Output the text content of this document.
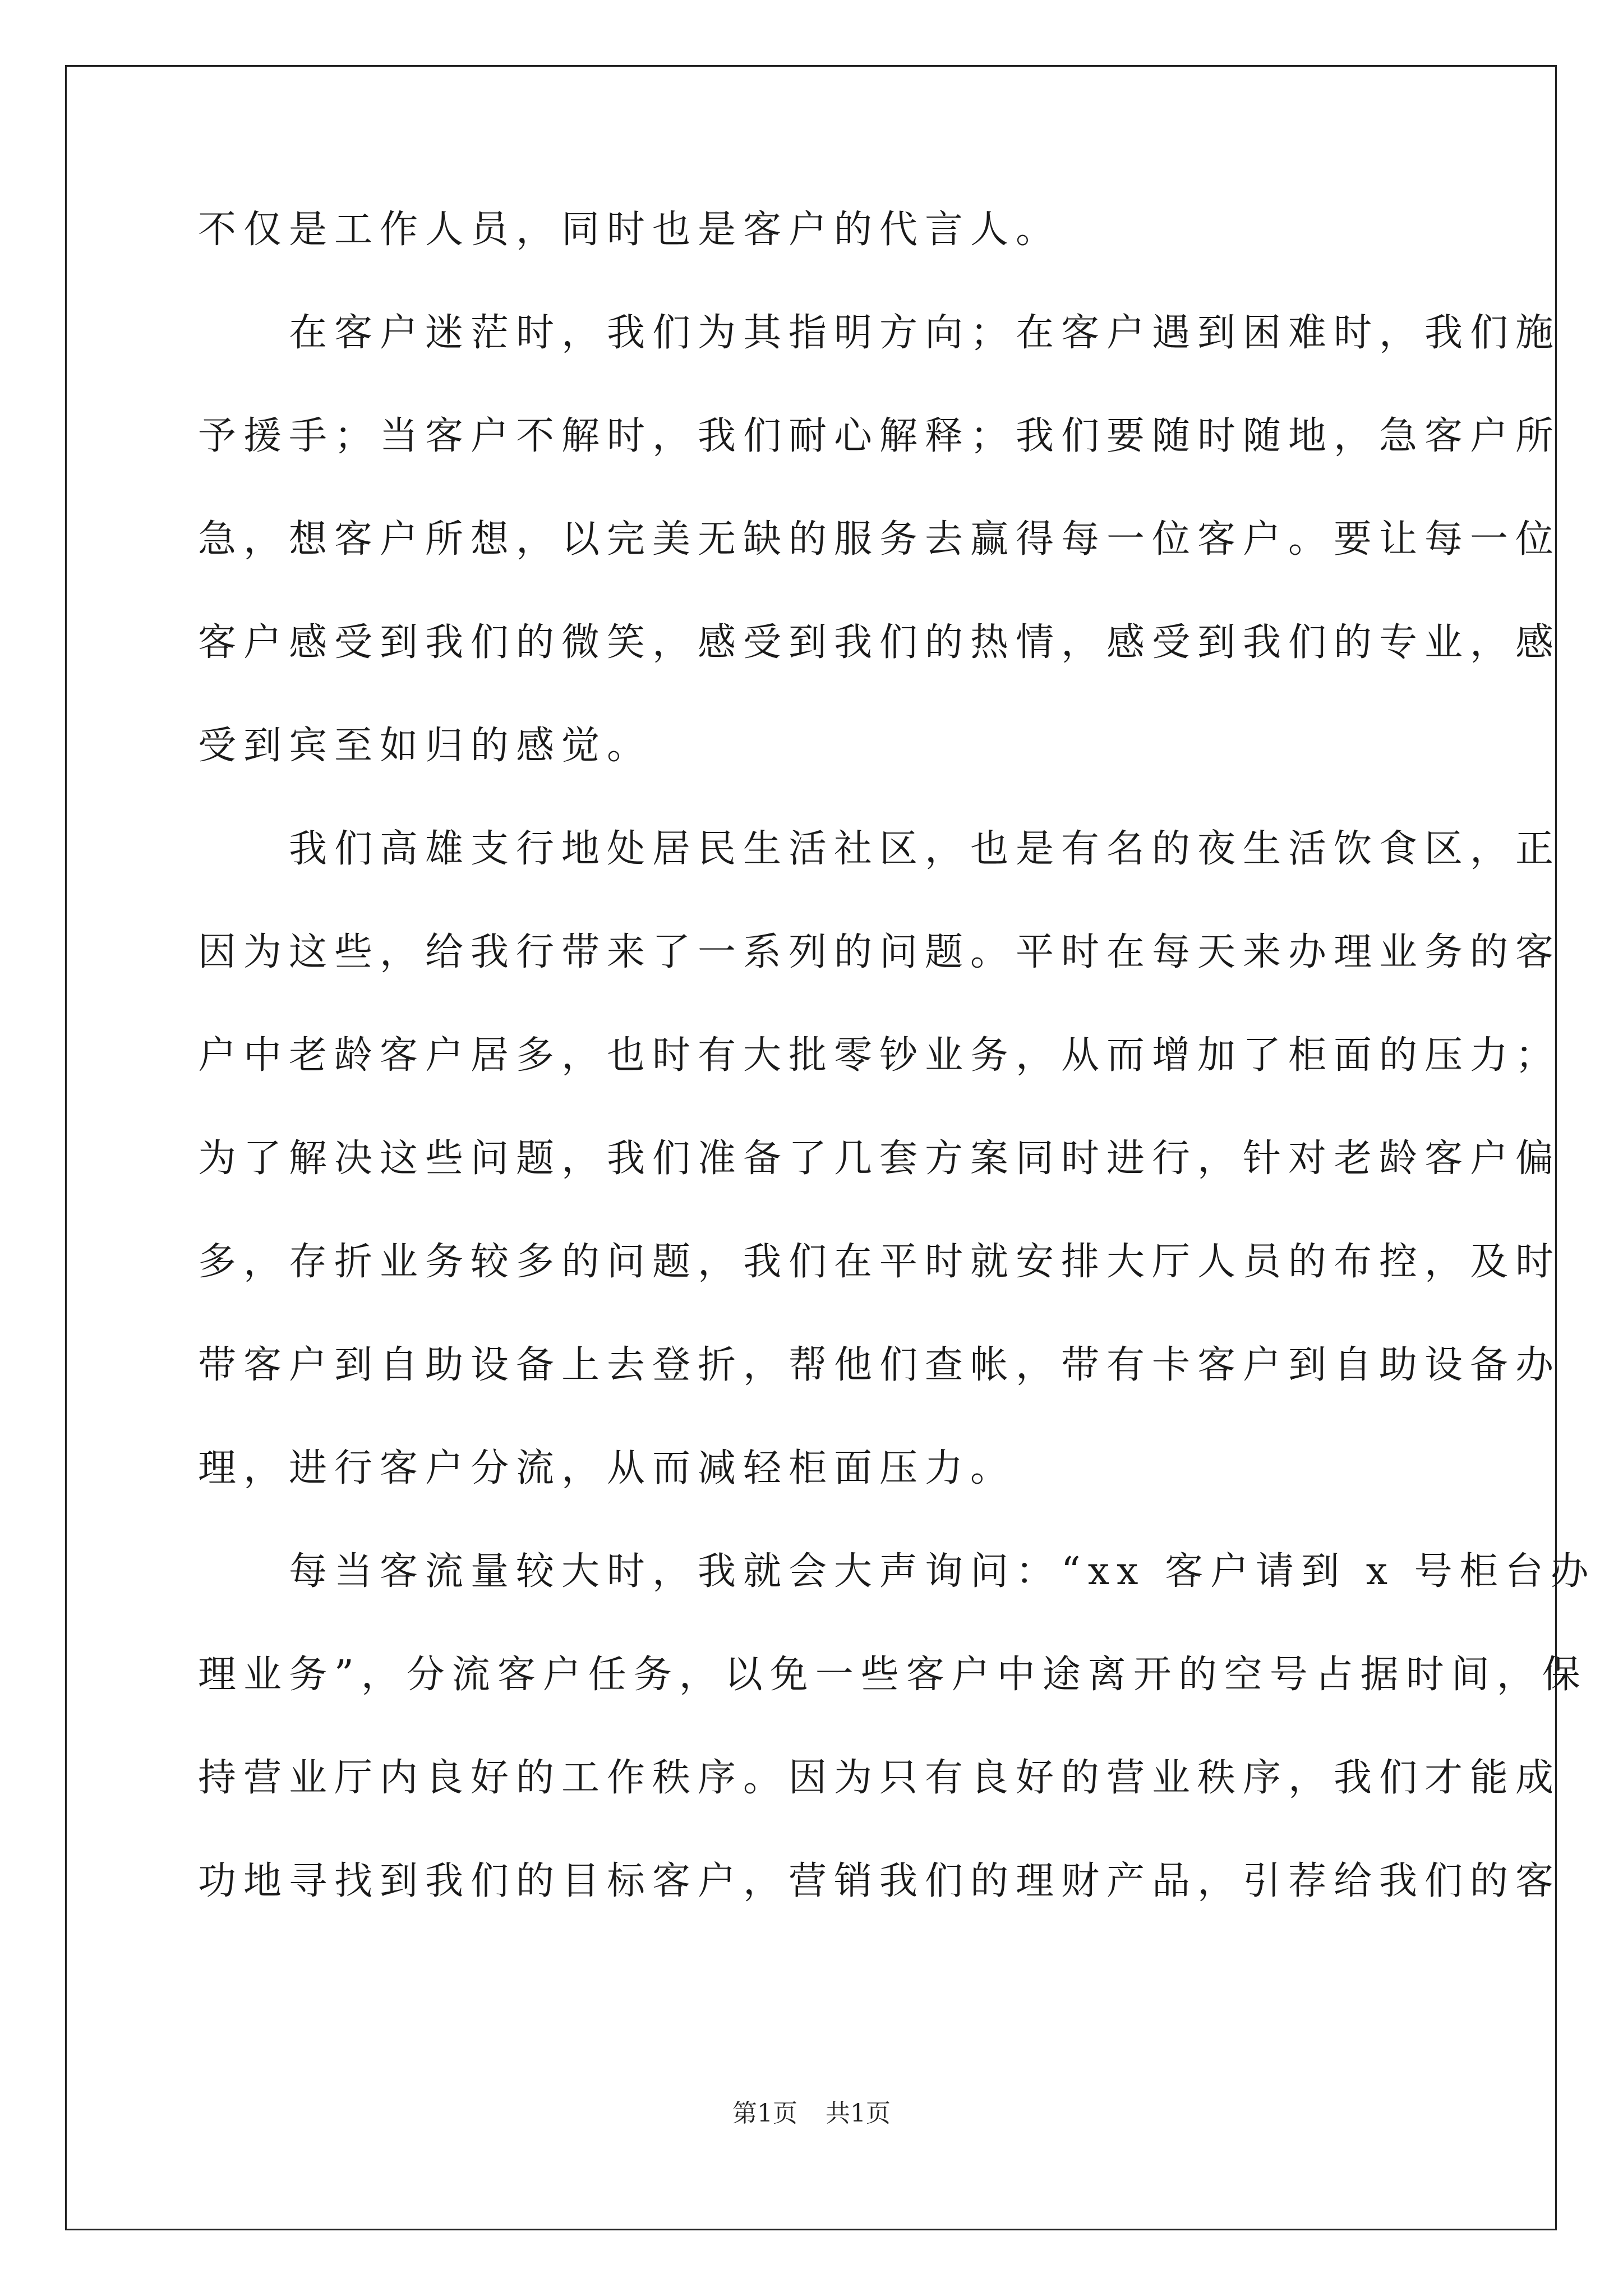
不仅是工作人员，同时也是客户的代言人。
在客户迷茫时，我们为其指明方向；在客户遇到困难时，我们施
予援手；当客户不解时，我们耐心解释；我们要随时随地，急客户所
急，想客户所想，以完美无缺的服务去赢得每一位客户。要让每一位
客户感受到我们的微笑，感受到我们的热情，感受到我们的专业，感
受到宾至如归的感觉。
我们高雄支行地处居民生活社区，也是有名的夜生活饮食区，正
因为这些，给我行带来了一系列的问题。平时在每天来办理业务的客
户中老龄客户居多，也时有大批零钞业务，从而增加了柜面的压力；
为了解决这些问题，我们准备了几套方案同时进行，针对老龄客户偏
多，存折业务较多的问题，我们在平时就安排大厅人员的布控，及时
带客户到自助设备上去登折，帮他们查帐，带有卡客户到自助设备办
理，进行客户分流，从而减轻柜面压力。
每当客流量较大时，我就会大声询问：“xx 客户请到 x 号柜台办
理业务”，分流客户任务，以免一些客户中途离开的空号占据时间，保
持营业厅内良好的工作秩序。因为只有良好的营业秩序，我们才能成
功地寻找到我们的目标客户，营销我们的理财产品，引荐给我们的客
第1页 共1页
